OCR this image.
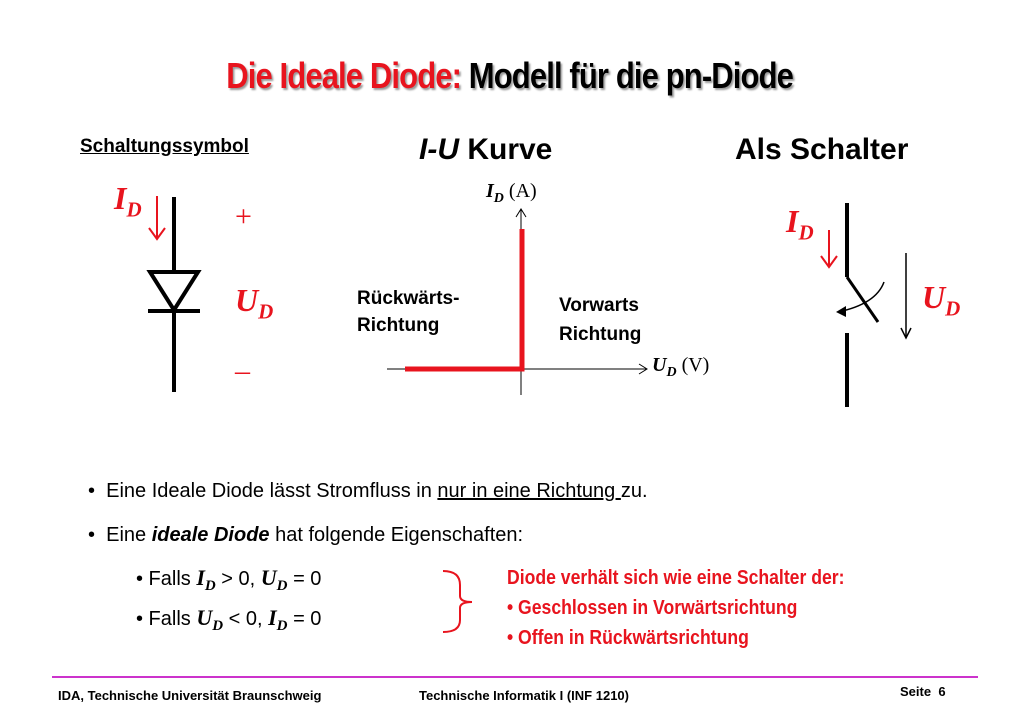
Die Ideale Diode: Modell für die pn-Diode
Schaltungssymbol	I-U Kurve	Als Schalter
$I_D$	+
$U_D$
–
$I_D$ (A)
$U_D$ (V)
Rückwärts-
Richtung
Vorwarts
Richtung
$I_D$
$U_D$
•  Eine Ideale Diode lässt Stromfluss in nur in eine Richtung zu.
•  Eine ideale Diode hat folgende Eigenschaften:
• Falls $I_D > 0$, $U_D = 0$
• Falls $U_D < 0$, $I_D = 0$
Diode verhält sich wie eine Schalter der:
• Geschlossen in Vorwärtsrichtung
• Offen in Rückwärtsrichtung
IDA, Technische Universität Braunschweig	Technische Informatik I (INF 1210)	Seite 6
